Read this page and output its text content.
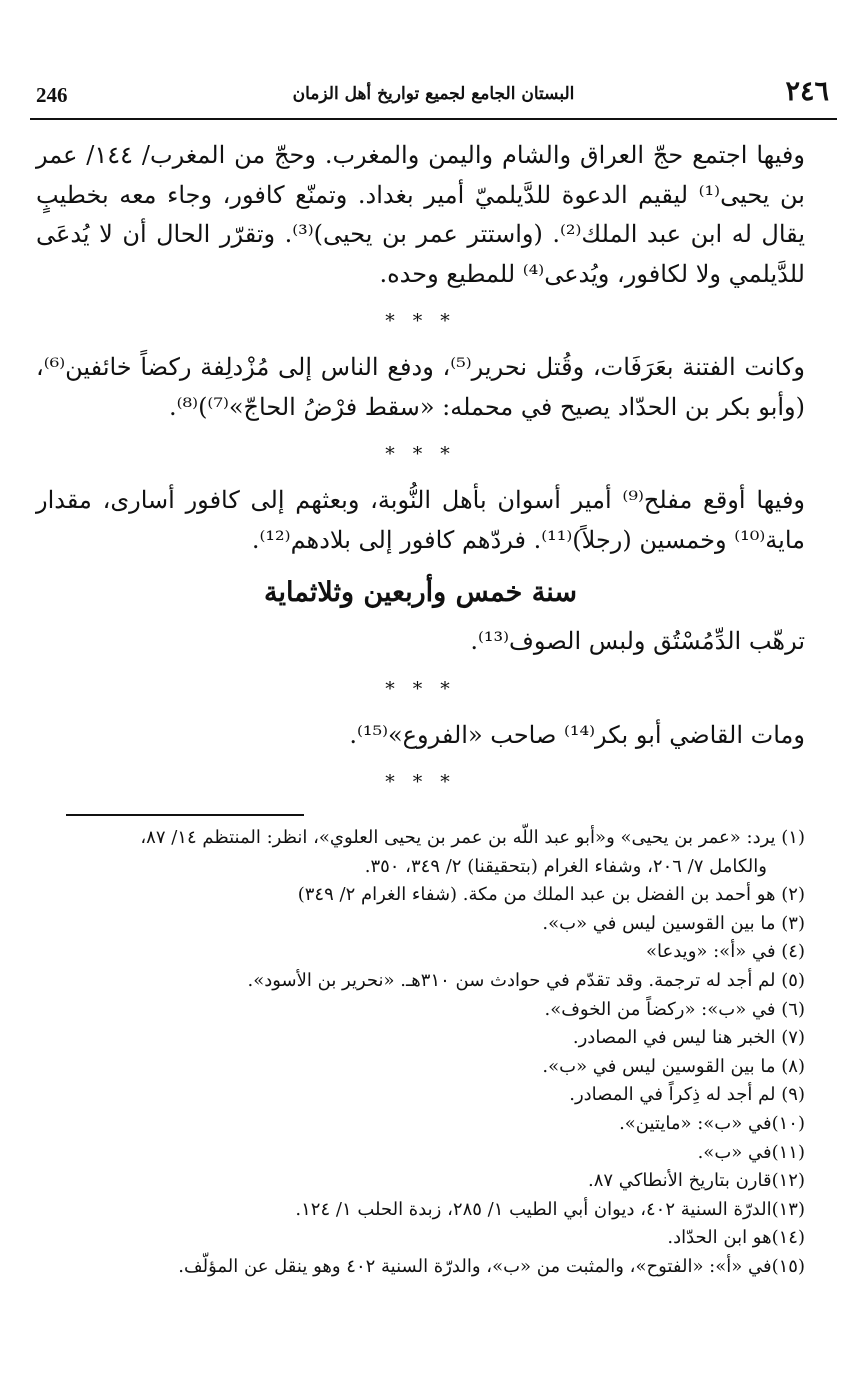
٢٤٦
البستان الجامع لجميع تواريخ أهل الزمان
246

وفيها اجتمع حجّ العراق والشام واليمن والمغرب. وحجّ من المغرب/ ١٤٤/ عمر بن يحيى⁽¹⁾ ليقيم الدعوة للدَّيلميّ أمير بغداد. وتمنّع كافور، وجاء معه بخطيبٍ يقال له ابن عبد الملك⁽²⁾. (واستتر عمر بن يحيى)⁽³⁾. وتقرّر الحال أن لا يُدعَى للدَّيلمي ولا لكافور، ويُدعى⁽⁴⁾ للمطيع وحده.

* * *

وكانت الفتنة بعَرَفَات، وقُتل نحرير⁽⁵⁾، ودفع الناس إلى مُزْدلِفة ركضاً خائفين⁽⁶⁾، (وأبو بكر بن الحدّاد يصيح في محمله: «سقط فرْضُ الحاجّ»⁽⁷⁾)⁽⁸⁾.

* * *

وفيها أوقع مفلح⁽⁹⁾ أمير أسوان بأهل النُّوبة، وبعثهم إلى كافور أسارى، مقدار ماية⁽¹⁰⁾ وخمسين (رجلاً)⁽¹¹⁾. فردّهم كافور إلى بلادهم⁽¹²⁾.

سنة خمس وأربعين وثلاثماية

ترهّب الدِّمُسْتُق ولبس الصوف⁽¹³⁾.

* * *

ومات القاضي أبو بكر⁽¹⁴⁾ صاحب «الفروع»⁽¹⁵⁾.

* * *

(١) يرد: «عمر بن يحيى» و«أبو عبد اللّه بن عمر بن يحيى العلوي»، انظر: المنتظم ١٤/ ٨٧،

والكامل ٧/ ٢٠٦، وشفاء الغرام (بتحقيقنا) ٢/ ٣٤٩، ٣٥٠.

(٢) هو أحمد بن الفضل بن عبد الملك من مكة. (شفاء الغرام ٢/ ٣٤٩)

(٣) ما بين القوسين ليس في «ب».

(٤) في «أ»: «ويدعا»

(٥) لم أجد له ترجمة. وقد تقدّم في حوادث سن ٣١٠هـ. «نحرير بن الأسود».

(٦) في «ب»: «ركضاً من الخوف».

(٧) الخبر هنا ليس في المصادر.

(٨) ما بين القوسين ليس في «ب».

(٩) لم أجد له ذِكراً في المصادر.

(١٠)في «ب»: «مايتين».

(١١)في «ب».

(١٢)قارن بتاريخ الأنطاكي ٨٧.

(١٣)الدرّة السنية ٤٠٢، ديوان أبي الطيب ١/ ٢٨٥، زبدة الحلب ١/ ١٢٤.

(١٤)هو ابن الحدّاد.

(١٥)في «أ»: «الفتوح»، والمثبت من «ب»، والدرّة السنية ٤٠٢ وهو ينقل عن المؤلّف.
